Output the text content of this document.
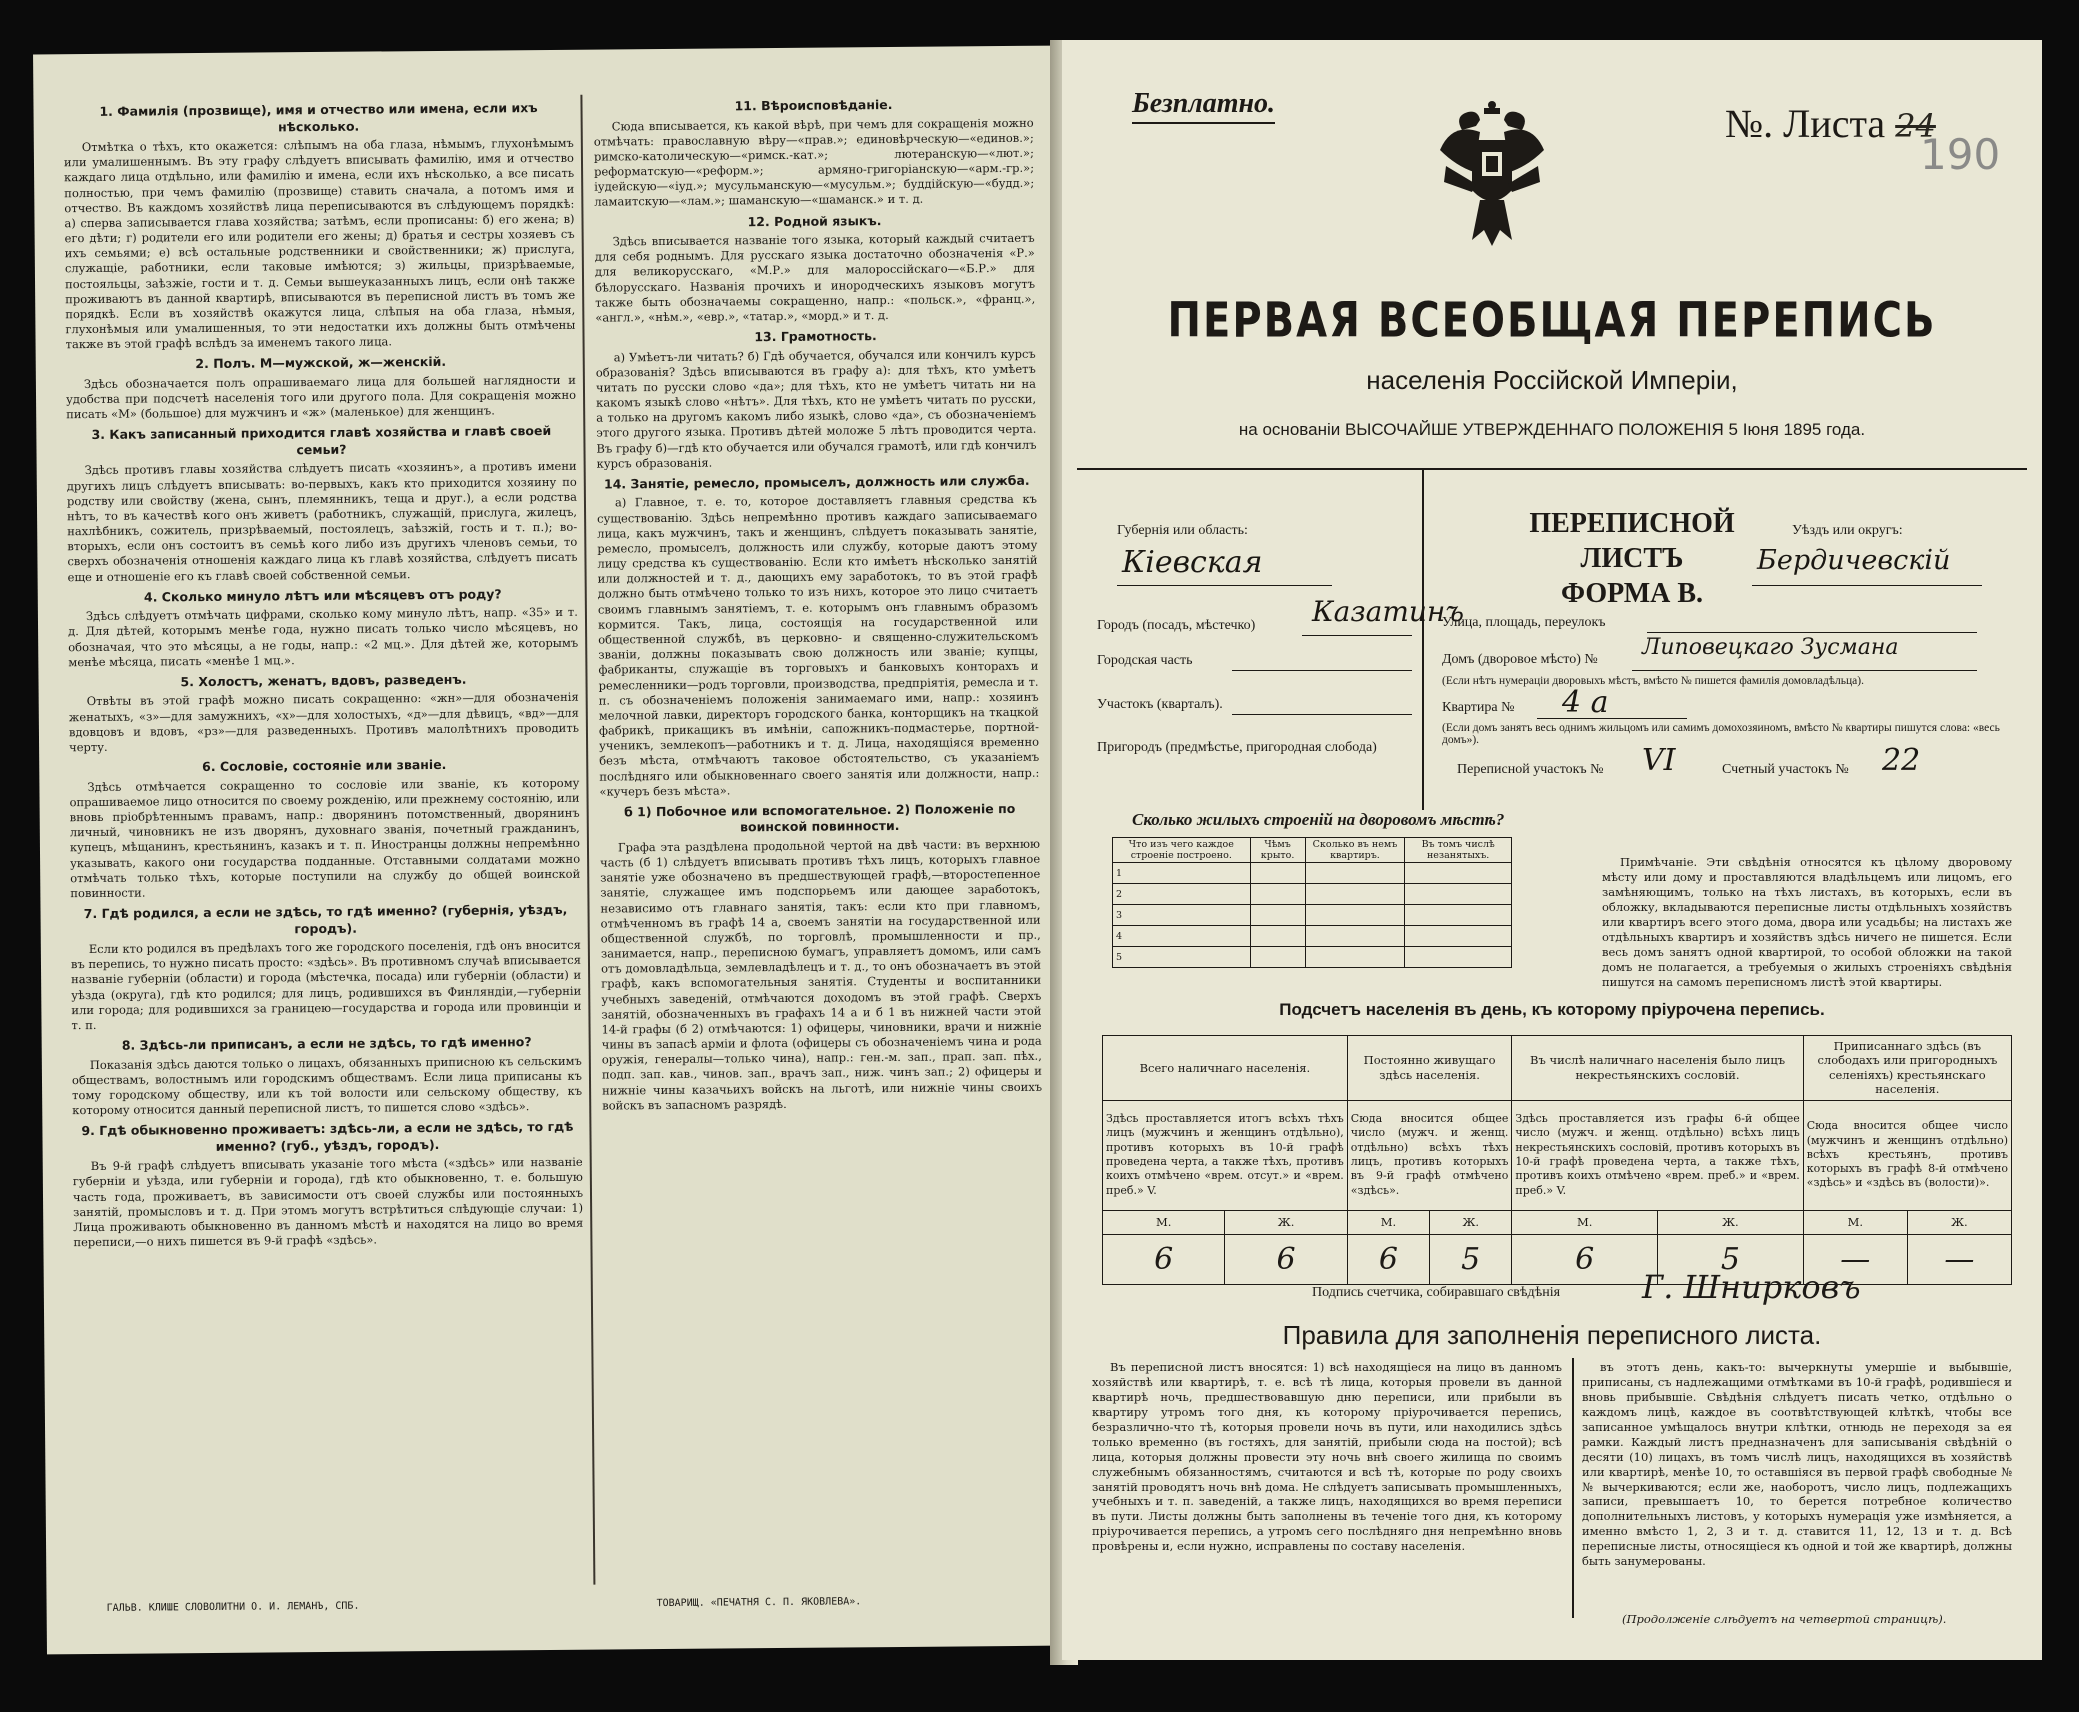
1. Фамилія (прозвище), имя и отчество или имена, если ихъ нѣсколько.
Отмѣтка о тѣхъ, кто окажется: слѣпымъ на оба глаза, нѣмымъ, глухонѣмымъ или умалишеннымъ. Въ эту графу слѣдуетъ вписывать фамилію, имя и отчество каждаго лица отдѣльно, или фамилію и имена, если ихъ нѣсколько, а все писать полностью, при чемъ фамилію (прозвище) ставить сначала, а потомъ имя и отчество. Въ каждомъ хозяйствѣ лица переписываются въ слѣдующемъ порядкѣ: а) сперва записывается глава хозяйства; затѣмъ, если прописаны: б) его жена; в) его дѣти; г) родители его или родители его жены; д) братья и сестры хозяевъ съ ихъ семьями; е) всѣ остальные родственники и свойственники; ж) прислуга, служащіе, работники, если таковые имѣются; з) жильцы, призрѣваемые, постояльцы, заѣзжіе, гости и т. д. Семьи вышеуказанныхъ лицъ, если онѣ также проживаютъ въ данной квартирѣ, вписываются въ переписной листъ въ томъ же порядкѣ. Если въ хозяйствѣ окажутся лица, слѣпыя на оба глаза, нѣмыя, глухонѣмыя или умалишенныя, то эти недостатки ихъ должны быть отмѣчены также въ этой графѣ вслѣдъ за именемъ такого лица.
2. Полъ. М—мужской, ж—женскій.
Здѣсь обозначается полъ опрашиваемаго лица для большей наглядности и удобства при подсчетѣ населенія того или другого пола. Для сокращенія можно писать «М» (большое) для мужчинъ и «ж» (маленькое) для женщинъ.
3. Какъ записанный приходится главѣ хозяйства и главѣ своей семьи?
Здѣсь противъ главы хозяйства слѣдуетъ писать «хозяинъ», а противъ имени другихъ лицъ слѣдуетъ вписывать: во-первыхъ, какъ кто приходится хозяину по родству или свойству (жена, сынъ, племянникъ, теща и друг.), а если родства нѣтъ, то въ качествѣ кого онъ живетъ (работникъ, служащій, прислуга, жилецъ, нахлѣбникъ, сожитель, призрѣваемый, постоялецъ, заѣзжій, гость и т. п.); во-вторыхъ, если онъ состоитъ въ семьѣ кого либо изъ другихъ членовъ семьи, то сверхъ обозначенія отношенія каждаго лица къ главѣ хозяйства, слѣдуетъ писать еще и отношеніе его къ главѣ своей собственной семьи.
4. Сколько минуло лѣтъ или мѣсяцевъ отъ роду?
Здѣсь слѣдуетъ отмѣчать цифрами, сколько кому минуло лѣтъ, напр. «35» и т. д. Для дѣтей, которымъ менѣе года, нужно писать только число мѣсяцевъ, но обозначая, что это мѣсяцы, а не годы, напр.: «2 мц.». Для дѣтей же, которымъ менѣе мѣсяца, писать «менѣе 1 мц.».
5. Холостъ, женатъ, вдовъ, разведенъ.
Отвѣты въ этой графѣ можно писать сокращенно: «жн»—для обозначенія женатыхъ, «з»—для замужнихъ, «х»—для холостыхъ, «д»—для дѣвицъ, «вд»—для вдовцовъ и вдовъ, «рз»—для разведенныхъ. Противъ малолѣтнихъ проводить черту.
6. Сословіе, состояніе или званіе.
Здѣсь отмѣчается сокращенно то сословіе или званіе, къ которому опрашиваемое лицо относится по своему рожденію, или прежнему состоянію, или вновь пріобрѣтеннымъ правамъ, напр.: дворянинъ потомственный, дворянинъ личный, чиновникъ не изъ дворянъ, духовнаго званія, почетный гражданинъ, купецъ, мѣщанинъ, крестьянинъ, казакъ и т. п. Иностранцы должны непремѣнно указывать, какого они государства подданные. Отставными солдатами можно отмѣчать только тѣхъ, которые поступили на службу до общей воинской повинности.
7. Гдѣ родился, а если не здѣсь, то гдѣ именно? (губернія, уѣздъ, городъ).
Если кто родился въ предѣлахъ того же городского поселенія, гдѣ онъ вносится въ перепись, то нужно писать просто: «здѣсь». Въ противномъ случаѣ вписывается названіе губерніи (области) и города (мѣстечка, посада) или губерніи (области) и уѣзда (округа), гдѣ кто родился; для лицъ, родившихся въ Финляндіи,—губерніи или города; для родившихся за границею—государства и города или провинціи и т. п.
8. Здѣсь-ли приписанъ, а если не здѣсь, то гдѣ именно?
Показанія здѣсь даются только о лицахъ, обязанныхъ приписною къ сельскимъ обществамъ, волостнымъ или городскимъ обществамъ. Если лица приписаны къ тому городскому обществу, или къ той волости или сельскому обществу, къ которому относится данный переписной листъ, то пишется слово «здѣсь».
9. Гдѣ обыкновенно проживаетъ: здѣсь-ли, а если не здѣсь, то гдѣ именно? (губ., уѣздъ, городъ).
Въ 9-й графѣ слѣдуетъ вписывать указаніе того мѣста («здѣсь» или названіе губерніи и уѣзда, или губерніи и города), гдѣ кто обыкновенно, т. е. большую часть года, проживаетъ, въ зависимости отъ своей службы или постоянныхъ занятій, промысловъ и т. д. При этомъ могутъ встрѣтиться слѣдующіе случаи: 1) Лица проживають обыкновенно въ данномъ мѣстѣ и находятся на лицо во время переписи,—о нихъ пишется въ 9-й графѣ «здѣсь».
11. Вѣроисповѣданіе.
Сюда вписывается, къ какой вѣрѣ, при чемъ для сокращенія можно отмѣчать: православную вѣру—«прав.»; единовѣрческую—«единов.»; римско-католическую—«римск.-кат.»; лютеранскую—«лют.»; реформатскую—«реформ.»; армяно-григоріанскую—«арм.-гр.»; іудейскую—«іуд.»; мусульманскую—«мусульм.»; буддійскую—«будд.»; ламаитскую—«лам.»; шаманскую—«шаманск.» и т. д.
12. Родной языкъ.
Здѣсь вписывается названіе того языка, который каждый считаетъ для себя роднымъ. Для русскаго языка достаточно обозначенія «Р.» для великорусскаго, «М.Р.» для малороссійскаго—«Б.Р.» для бѣлорусскаго. Названія прочихъ и инородческихъ языковъ могутъ также быть обозначаемы сокращенно, напр.: «польск.», «франц.», «англ.», «нѣм.», «евр.», «татар.», «морд.» и т. д.
13. Грамотность.
а) Умѣетъ-ли читать? б) Гдѣ обучается, обучался или кончилъ курсъ образованія? Здѣсь вписываются въ графу а): для тѣхъ, кто умѣетъ читать по русски слово «да»; для тѣхъ, кто не умѣетъ читать ни на какомъ языкѣ слово «нѣтъ». Для тѣхъ, кто не умѣетъ читать по русски, а только на другомъ какомъ либо языкѣ, слово «да», съ обозначеніемъ этого другого языка. Противъ дѣтей моложе 5 лѣтъ проводится черта. Въ графу б)—гдѣ кто обучается или обучался грамотѣ, или гдѣ кончилъ курсъ образованія.
14. Занятіе, ремесло, промыселъ, должность или служба.
а) Главное, т. е. то, которое доставляетъ главныя средства къ существованію. Здѣсь непремѣнно противъ каждаго записываемаго лица, какъ мужчинъ, такъ и женщинъ, слѣдуетъ показывать занятіе, ремесло, промыселъ, должность или службу, которые даютъ этому лицу средства къ существованію. Если кто имѣетъ нѣсколько занятій или должностей и т. д., дающихъ ему заработокъ, то въ этой графѣ должно быть отмѣчено только то изъ нихъ, которое это лицо считаетъ своимъ главнымъ занятіемъ, т. е. которымъ онъ главнымъ образомъ кормится. Такъ, лица, состоящія на государственной или общественной службѣ, въ церковно- и священно-служительскомъ званіи, должны показывать свою должность или званіе; купцы, фабриканты, служащіе въ торговыхъ и банковыхъ конторахъ и ремесленники—родъ торговли, производства, предпріятія, ремесла и т. п. съ обозначеніемъ положенія занимаемаго ими, напр.: хозяинъ мелочной лавки, директоръ городского банка, конторщикъ на ткацкой фабрикѣ, прикащикъ въ имѣніи, сапожникъ-подмастерье, портной-ученикъ, землекопъ—работникъ и т. д. Лица, находящіяся временно безъ мѣста, отмѣчаютъ таковое обстоятельство, съ указаніемъ послѣдняго или обыкновеннаго своего занятія или должности, напр.: «кучеръ безъ мѣста».
б 1) Побочное или вспомогательное. 2) Положеніе по воинской повинности.
Графа эта раздѣлена продольной чертой на двѣ части: въ верхнюю часть (б 1) слѣдуетъ вписывать противъ тѣхъ лицъ, которыхъ главное занятіе уже обозначено въ предшествующей графѣ,—второстепенное занятіе, служащее имъ подспорьемъ или дающее заработокъ, независимо отъ главнаго занятія, такъ: если кто при главномъ, отмѣченномъ въ графѣ 14 а, своемъ занятіи на государственной или общественной службѣ, по торговлѣ, промышленности и пр., занимается, напр., переписною бумагъ, управляетъ домомъ, или самъ отъ домовладѣльца, землевладѣлецъ и т. д., то онъ обозначаетъ въ этой графѣ, какъ вспомогательныя занятія. Студенты и воспитанники учебныхъ заведеній, отмѣчаются доходомъ въ этой графѣ. Сверхъ занятій, обозначенныхъ въ графахъ 14 а и б 1 въ нижней части этой 14-й графы (б 2) отмѣчаются: 1) офицеры, чиновники, врачи и нижніе чины въ запасѣ арміи и флота (офицеры съ обозначеніемъ чина и рода оружія, генералы—только чина), напр.: ген.-м. зап., прап. зап. пѣх., подп. зап. кав., чинов. зап., врачъ зап., ниж. чинъ зап.; 2) офицеры и нижніе чины казачьихъ войскъ на льготѣ, или нижніе чины своихъ войскъ въ запасномъ разрядѣ.
ГАЛЬВ. КЛИШЕ СЛОВОЛИТНИ О. И. ЛЕМАНЪ, СПБ.	ТОВАРИЩ. «ПЕЧАТНЯ С. П. ЯКОВЛЕВА».
Безплатно.	№. Листа 24
190
ПЕРВАЯ ВСЕОБЩАЯ ПЕРЕПИСЬ
населенія Россійской Имперіи,
на основаніи ВЫСОЧАЙШЕ УТВЕРЖДЕННАГО ПОЛОЖЕНІЯ 5 Іюня 1895 года.
ПЕРЕПИСНОЙ ЛИСТЪ
ФОРМА В.
Губернія или область:
Кіевская
Уѣздъ или округъ:
Бердичевскій
Городъ (посадъ, мѣстечко) Казатинъ
Городская часть
Участокъ (кварталъ).
Пригородъ (предмѣстье, пригородная слобода)
Улица, площадь, переулокъ
Домъ (дворовое мѣсто) № Липовецкаго Зусмана
(Если нѣтъ нумераціи дворовыхъ мѣстъ, вмѣсто № пишется фамилія домовладѣльца).
Квартира № 4 а
(Если домъ занятъ весь однимъ жильцомъ или самимъ домохозяиномъ, вмѣсто № квартиры пишутся слова: «весь домъ»).
Переписной участокъ № VI	Счетный участокъ № 22
Сколько жилыхъ строеній на дворовомъ мѣстѣ?
Что изъ чего каждое строеніе построено.	Чѣмъ крыто.	Сколько въ немъ квартиръ.	Въ томъ числѣ незанятыхъ.
1			
2			
3			
4			
5			
Примѣчаніе. Эти свѣдѣнія относятся къ цѣлому дворовому мѣсту или дому и проставляются владѣльцемъ или лицомъ, его замѣняющимъ, только на тѣхъ листахъ, въ которыхъ, если въ обложку, вкладываются переписные листы отдѣльныхъ хозяйствъ или квартиръ всего этого дома, двора или усадьбы; на листахъ же отдѣльныхъ квартиръ и хозяйствъ здѣсь ничего не пишется. Если весь домъ занятъ одной квартирой, то особой обложки на такой домъ не полагается, а требуемыя о жилыхъ строеніяхъ свѣдѣнія пишутся на самомъ переписномъ листѣ этой квартиры.
Подсчетъ населенія въ день, къ которому пріурочена перепись.
Всего наличнаго населенія.		Постоянно живущаго здѣсь населенія.		Въ числѣ наличнаго населенія было лицъ некрестьянскихъ сословій.		Приписаннаго здѣсь (въ слободахъ или пригородныхъ селеніяхъ) крестьянскаго населенія.	
Здѣсь проставляется итогъ всѣхъ тѣхъ лицъ (мужчинъ и женщинъ отдѣльно), противъ которыхъ въ 10-й графѣ проведена черта, а также тѣхъ, противъ коихъ отмѣчено «врем. отсут.» и «врем. преб.» V.		Сюда вносится общее число (мужч. и женщ. отдѣльно) всѣхъ тѣхъ лицъ, противъ которыхъ въ 9-й графѣ отмѣчено «здѣсь».		Здѣсь проставляется изъ графы 6-й общее число (мужч. и женщ. отдѣльно) всѣхъ лицъ некрестьянскихъ сословій, противъ которыхъ въ 10-й графѣ проведена черта, а также тѣхъ, противъ коихъ отмѣчено «врем. преб.» и «врем. преб.» V.		Сюда вносится общее число (мужчинъ и женщинъ отдѣльно) всѣхъ крестьянъ, противъ которыхъ въ графѣ 8-й отмѣчено «здѣсь» и «здѣсь въ (волости)».	
М.	Ж.	М.	Ж.	М.	Ж.	М.	Ж.
6	6	6	5	6	5	—	—
Подпись счетчика, собиравшаго свѣдѣнія	Г. Шнирковъ
Правила для заполненія переписного листа.
Въ переписной листъ вносятся: 1) всѣ находящіеся на лицо въ данномъ хозяйствѣ или квартирѣ, т. е. всѣ тѣ лица, которыя провели въ данной квартирѣ ночь, предшествовавшую дню переписи, или прибыли въ квартиру утромъ того дня, къ которому пріурочивается перепись, безразлично-что тѣ, которыя провели ночь въ пути, или находились здѣсь только временно (въ гостяхъ, для занятій, прибыли сюда на постой); всѣ лица, которыя должны провести эту ночь внѣ своего жилища по своимъ служебнымъ обязанностямъ, считаются и всѣ тѣ, которые по роду своихъ занятій проводятъ ночь внѣ дома. Не слѣдуетъ записывать промышленныхъ, учебныхъ и т. п. заведеній, а также лицъ, находящихся во время переписи въ пути. Листы должны быть заполнены въ теченіе того дня, къ которому пріурочивается перепись, а утромъ сего послѣдняго дня непремѣнно вновь провѣрены и, если нужно, исправлены по составу населенія.
въ этотъ день, какъ-то: вычеркнуты умершіе и выбывшіе, приписаны, съ надлежащими отмѣтками въ 10-й графѣ, родившіеся и вновь прибывшіе. Свѣдѣнія слѣдуетъ писать четко, отдѣльно о каждомъ лицѣ, каждое въ соотвѣтствующей клѣткѣ, чтобы все записанное умѣщалось внутри клѣтки, отнюдь не переходя за ея рамки. Каждый листъ предназначенъ для записыванія свѣдѣній о десяти (10) лицахъ, въ томъ числѣ лицъ, находящихся въ хозяйствѣ или квартирѣ, менѣе 10, то оставшіяся въ первой графѣ свободные №№ вычеркиваются; если же, наоборотъ, число лицъ, подлежащихъ записи, превышаетъ 10, то берется потребное количество дополнительныхъ листовъ, у которыхъ нумерація уже измѣняется, а именно вмѣсто 1, 2, 3 и т. д. ставится 11, 12, 13 и т. д. Всѣ переписные листы, относящіеся къ одной и той же квартирѣ, должны быть занумерованы.
(Продолженіе слѣдуетъ на четвертой страницѣ).
